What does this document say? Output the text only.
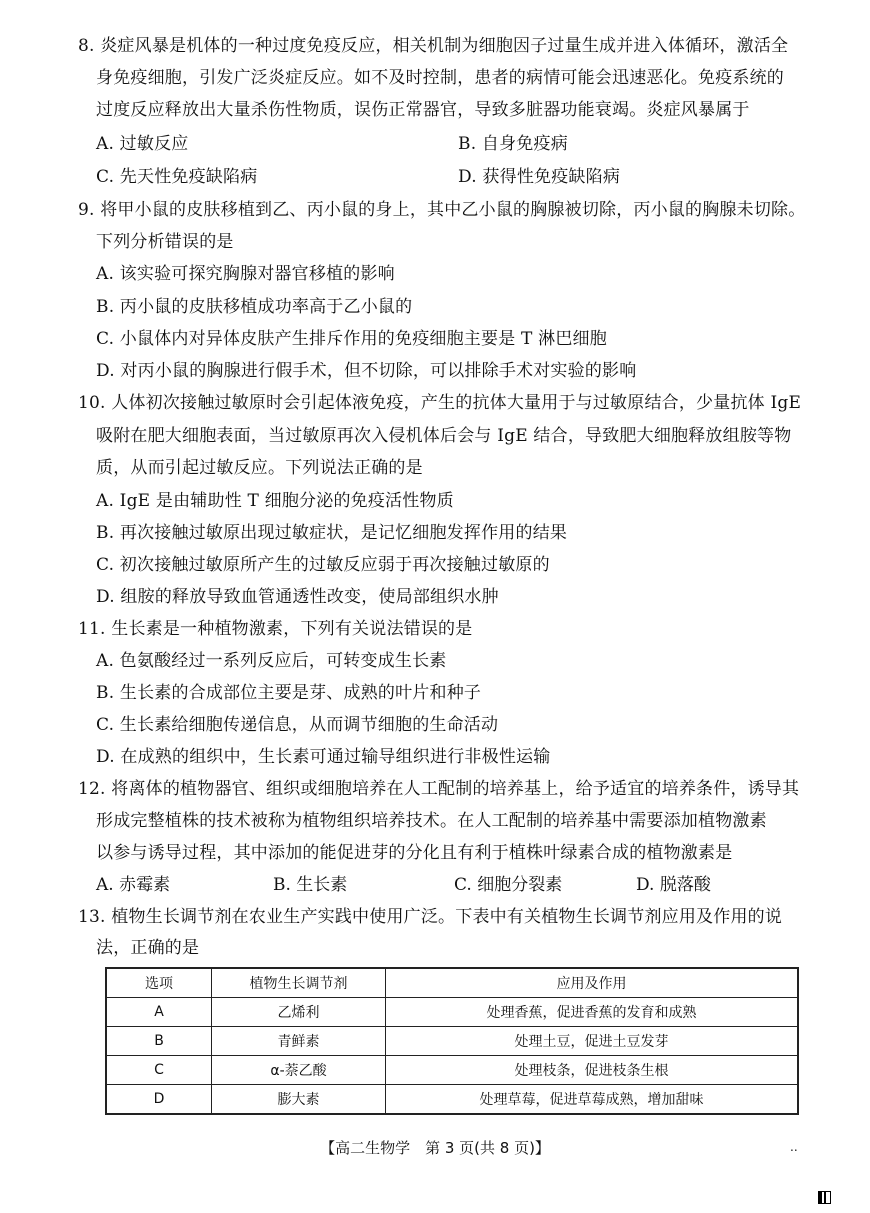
8. 炎症风暴是机体的一种过度免疫反应，相关机制为细胞因子过量生成并进入体循环，激活全
身免疫细胞，引发广泛炎症反应。如不及时控制，患者的病情可能会迅速恶化。免疫系统的
过度反应释放出大量杀伤性物质，误伤正常器官，导致多脏器功能衰竭。炎症风暴属于
A. 过敏反应	B. 自身免疫病
C. 先天性免疫缺陷病	D. 获得性免疫缺陷病
9. 将甲小鼠的皮肤移植到乙、丙小鼠的身上，其中乙小鼠的胸腺被切除，丙小鼠的胸腺未切除。
下列分析错误的是
A. 该实验可探究胸腺对器官移植的影响
B. 丙小鼠的皮肤移植成功率高于乙小鼠的
C. 小鼠体内对异体皮肤产生排斥作用的免疫细胞主要是 T 淋巴细胞
D. 对丙小鼠的胸腺进行假手术，但不切除，可以排除手术对实验的影响
10. 人体初次接触过敏原时会引起体液免疫，产生的抗体大量用于与过敏原结合，少量抗体 IgE
吸附在肥大细胞表面，当过敏原再次入侵机体后会与 IgE 结合，导致肥大细胞释放组胺等物
质，从而引起过敏反应。下列说法正确的是
A. IgE 是由辅助性 T 细胞分泌的免疫活性物质
B. 再次接触过敏原出现过敏症状，是记忆细胞发挥作用的结果
C. 初次接触过敏原所产生的过敏反应弱于再次接触过敏原的
D. 组胺的释放导致血管通透性改变，使局部组织水肿
11. 生长素是一种植物激素，下列有关说法错误的是
A. 色氨酸经过一系列反应后，可转变成生长素
B. 生长素的合成部位主要是芽、成熟的叶片和种子
C. 生长素给细胞传递信息，从而调节细胞的生命活动
D. 在成熟的组织中，生长素可通过输导组织进行非极性运输
12. 将离体的植物器官、组织或细胞培养在人工配制的培养基上，给予适宜的培养条件，诱导其
形成完整植株的技术被称为植物组织培养技术。在人工配制的培养基中需要添加植物激素
以参与诱导过程，其中添加的能促进芽的分化且有利于植株叶绿素合成的植物激素是
A. 赤霉素	B. 生长素	C. 细胞分裂素	D. 脱落酸
13. 植物生长调节剂在农业生产实践中使用广泛。下表中有关植物生长调节剂应用及作用的说
法，正确的是
选项	植物生长调节剂	应用及作用
A	乙烯利	处理香蕉，促进香蕉的发育和成熟
B	青鲜素	处理土豆，促进土豆发芽
C	α-萘乙酸	处理枝条，促进枝条生根
D	膨大素	处理草莓，促进草莓成熟，增加甜味
【高二生物学　第 3 页(共 8 页)】	..
